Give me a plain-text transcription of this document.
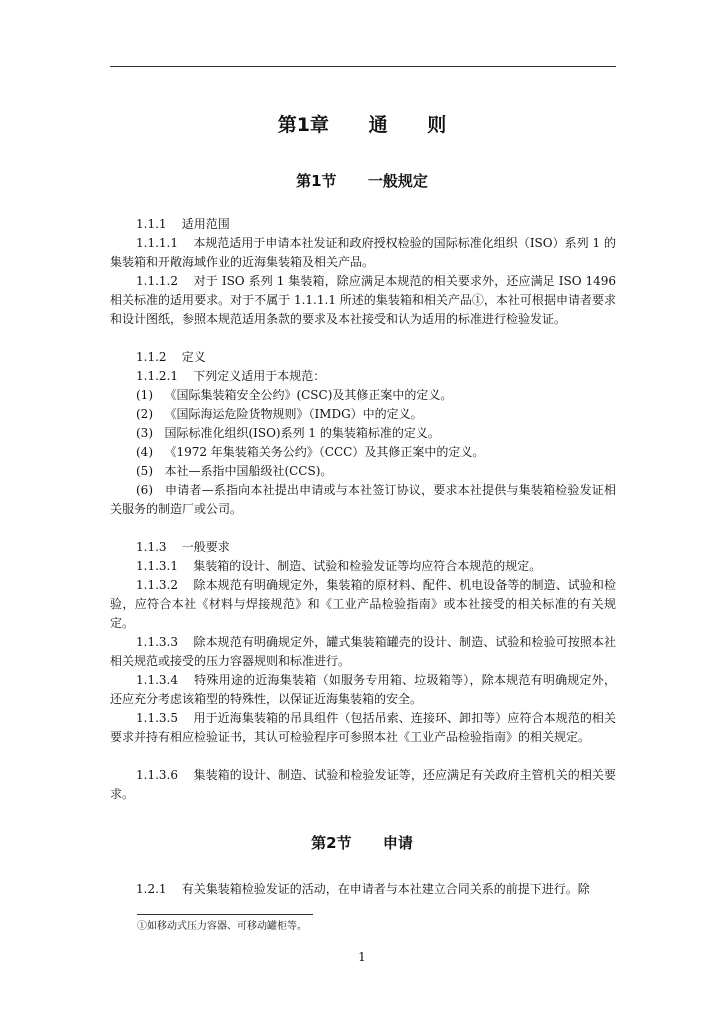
第1章      通      则
第1节      一般规定
1.1.1    适用范围
1.1.1.1    本规范适用于申请本社发证和政府授权检验的国际标准化组织（ISO）系列 1 的集装箱和开敞海域作业的近海集装箱及相关产品。
1.1.1.2    对于 ISO 系列 1 集装箱，除应满足本规范的相关要求外，还应满足 ISO 1496 相关标准的适用要求。对于不属于 1.1.1.1 所述的集装箱和相关产品①，本社可根据申请者要求和设计图纸，参照本规范适用条款的要求及本社接受和认为适用的标准进行检验发证。
1.1.2    定义
1.1.2.1    下列定义适用于本规范：
(1)   《国际集装箱安全公约》(CSC)及其修正案中的定义。
(2)   《国际海运危险货物规则》（IMDG）中的定义。
(3)   国际标准化组织(ISO)系列 1 的集装箱标准的定义。
(4)   《1972 年集装箱关务公约》（CCC）及其修正案中的定义。
(5)   本社—系指中国船级社(CCS)。
(6)   申请者—系指向本社提出申请或与本社签订协议，要求本社提供与集装箱检验发证相关服务的制造厂或公司。
1.1.3    一般要求
1.1.3.1    集装箱的设计、制造、试验和检验发证等均应符合本规范的规定。
1.1.3.2    除本规范有明确规定外，集装箱的原材料、配件、机电设备等的制造、试验和检验，应符合本社《材料与焊接规范》和《工业产品检验指南》或本社接受的相关标准的有关规定。
1.1.3.3    除本规范有明确规定外，罐式集装箱罐壳的设计、制造、试验和检验可按照本社相关规范或接受的压力容器规则和标准进行。
1.1.3.4    特殊用途的近海集装箱（如服务专用箱、垃圾箱等），除本规范有明确规定外，还应充分考虑该箱型的特殊性，以保证近海集装箱的安全。
1.1.3.5    用于近海集装箱的吊具组件（包括吊索、连接环、卸扣等）应符合本规范的相关要求并持有相应检验证书，其认可检验程序可参照本社《工业产品检验指南》的相关规定。
1.1.3.6    集装箱的设计、制造、试验和检验发证等，还应满足有关政府主管机关的相关要求。
第2节      申请
1.2.1    有关集装箱检验发证的活动，在申请者与本社建立合同关系的前提下进行。除
①如移动式压力容器、可移动罐柜等。
1
